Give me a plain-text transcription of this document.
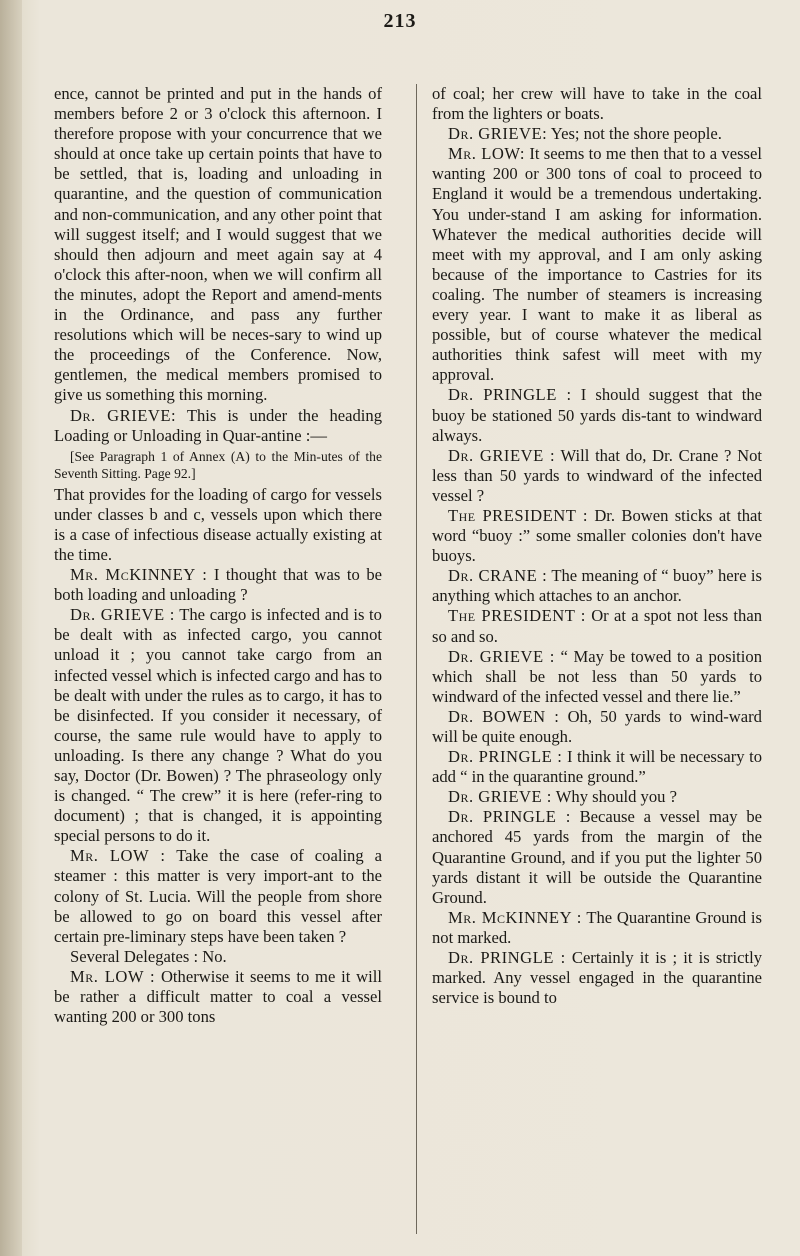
213

ence, cannot be printed and put in the hands of members before 2 or 3 o'clock this afternoon. I therefore propose with your concurrence that we should at once take up certain points that have to be settled, that is, loading and unloading in quarantine, and the question of communication and non-communication, and any other point that will suggest itself; and I would suggest that we should then adjourn and meet again say at 4 o'clock this after-noon, when we will confirm all the minutes, adopt the Report and amend-ments in the Ordinance, and pass any further resolutions which will be neces-sary to wind up the proceedings of the Conference. Now, gentlemen, the medical members promised to give us something this morning.

Dr. GRIEVE: This is under the heading Loading or Unloading in Quar-antine :—

[See Paragraph 1 of Annex (A) to the Min-utes of the Seventh Sitting. Page 92.]

That provides for the loading of cargo for vessels under classes b and c, vessels upon which there is a case of infectious disease actually existing at the time.

Mr. McKINNEY : I thought that was to be both loading and unloading ?

Dr. GRIEVE : The cargo is infected and is to be dealt with as infected cargo, you cannot unload it ; you cannot take cargo from an infected vessel which is infected cargo and has to be dealt with under the rules as to cargo, it has to be disinfected. If you consider it necessary, of course, the same rule would have to apply to unloading. Is there any change ? What do you say, Doctor (Dr. Bowen) ? The phraseology only is changed. “ The crew” it is here (refer-ring to document) ; that is changed, it is appointing special persons to do it.

Mr. LOW : Take the case of coaling a steamer : this matter is very import-ant to the colony of St. Lucia. Will the people from shore be allowed to go on board this vessel after certain pre-liminary steps have been taken ?

Several Delegates : No.

Mr. LOW : Otherwise it seems to me it will be rather a difficult matter to coal a vessel wanting 200 or 300 tons

of coal; her crew will have to take in the coal from the lighters or boats.

Dr. GRIEVE: Yes; not the shore people.

Mr. LOW: It seems to me then that to a vessel wanting 200 or 300 tons of coal to proceed to England it would be a tremendous undertaking. You under-stand I am asking for information. Whatever the medical authorities decide will meet with my approval, and I am only asking because of the importance to Castries for its coaling. The number of steamers is increasing every year. I want to make it as liberal as possible, but of course whatever the medical authorities think safest will meet with my approval.

Dr. PRINGLE : I should suggest that the buoy be stationed 50 yards dis-tant to windward always.

Dr. GRIEVE : Will that do, Dr. Crane ? Not less than 50 yards to windward of the infected vessel ?

The PRESIDENT : Dr. Bowen sticks at that word “buoy :” some smaller colonies don't have buoys.

Dr. CRANE : The meaning of “ buoy” here is anything which attaches to an anchor.

The PRESIDENT : Or at a spot not less than so and so.

Dr. GRIEVE : “ May be towed to a position which shall be not less than 50 yards to windward of the infected vessel and there lie.”

Dr. BOWEN : Oh, 50 yards to wind-ward will be quite enough.

Dr. PRINGLE : I think it will be necessary to add “ in the quarantine ground.”

Dr. GRIEVE : Why should you ?

Dr. PRINGLE : Because a vessel may be anchored 45 yards from the margin of the Quarantine Ground, and if you put the lighter 50 yards distant it will be outside the Quarantine Ground.

Mr. McKINNEY : The Quarantine Ground is not marked.

Dr. PRINGLE : Certainly it is ; it is strictly marked. Any vessel engaged in the quarantine service is bound to
